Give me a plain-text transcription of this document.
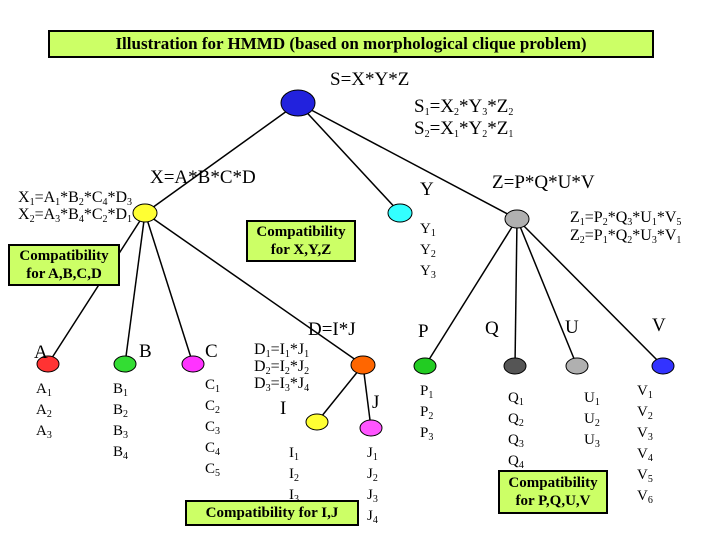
Illustration for HMMD (based on morphological clique problem)
S=X*Y*Z
$S_1=X_2*Y_3*Z_2$
$S_2=X_1*Y_2*Z_1$
X=A*B*C*D
$X_1=A_1*B_2*C_4*D_3$
$X_2=A_3*B_4*C_2*D_1$
Y
$Y_1$
$Y_2$
$Y_3$
Z=P*Q*U*V
$Z_1=P_2*Q_3*U_1*V_5$
$Z_2=P_1*Q_2*U_3*V_1$
Compatibility
for X,Y,Z
Compatibility
for A,B,C,D
Compatibility for I,J
Compatibility
for P,Q,U,V
D=I*J
$D_1=I_1*J_1$
$D_2=I_2*J_2$
$D_3=I_3*J_4$
A	B	C
I	J
P	Q	U	V
$A_1$
$A_2$
$A_3$
$B_1$
$B_2$
$B_3$
$B_4$
$C_1$
$C_2$
$C_3$
$C_4$
$C_5$
$I_1$
$I_2$
$I_3$
$J_1$
$J_2$
$J_3$
$J_4$
$P_1$
$P_2$
$P_3$
$Q_1$
$Q_2$
$Q_3$
$Q_4$
$U_1$
$U_2$
$U_3$
$V_1$
$V_2$
$V_3$
$V_4$
$V_5$
$V_6$
